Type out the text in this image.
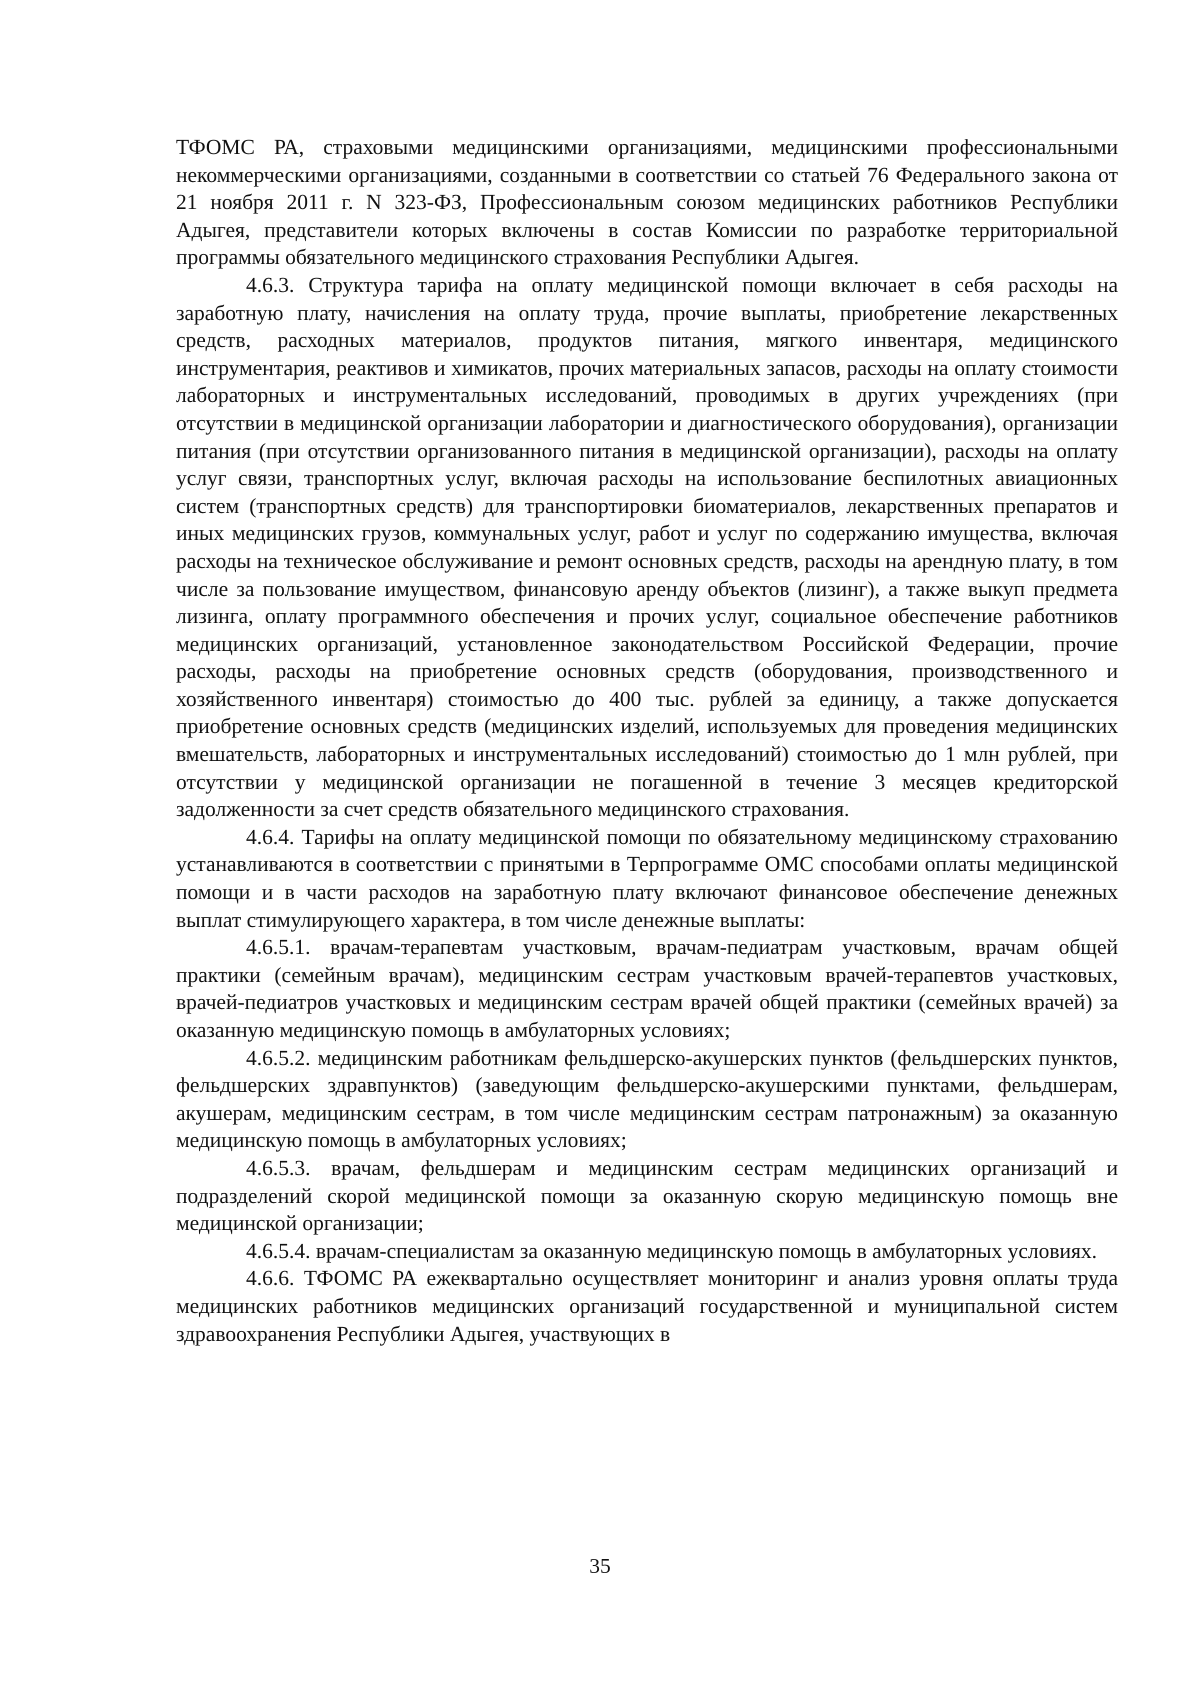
ТФОМС РА, страховыми медицинскими организациями, медицинскими профессиональными некоммерческими организациями, созданными в соответствии со статьей 76 Федерального закона от 21 ноября 2011 г. N 323-ФЗ, Профессиональным союзом медицинских работников Республики Адыгея, представители которых включены в состав Комиссии по разработке территориальной программы обязательного медицинского страхования Республики Адыгея.

4.6.3. Структура тарифа на оплату медицинской помощи включает в себя расходы на заработную плату, начисления на оплату труда, прочие выплаты, приобретение лекарственных средств, расходных материалов, продуктов питания, мягкого инвентаря, медицинского инструментария, реактивов и химикатов, прочих материальных запасов, расходы на оплату стоимости лабораторных и инструментальных исследований, проводимых в других учреждениях (при отсутствии в медицинской организации лаборатории и диагностического оборудования), организации питания (при отсутствии организованного питания в медицинской организации), расходы на оплату услуг связи, транспортных услуг, включая расходы на использование беспилотных авиационных систем (транспортных средств) для транспортировки биоматериалов, лекарственных препаратов и иных медицинских грузов, коммунальных услуг, работ и услуг по содержанию имущества, включая расходы на техническое обслуживание и ремонт основных средств, расходы на арендную плату, в том числе за пользование имуществом, финансовую аренду объектов (лизинг), а также выкуп предмета лизинга, оплату программного обеспечения и прочих услуг, социальное обеспечение работников медицинских организаций, установленное законодательством Российской Федерации, прочие расходы, расходы на приобретение основных средств (оборудования, производственного и хозяйственного инвентаря) стоимостью до 400 тыс. рублей за единицу, а также допускается приобретение основных средств (медицинских изделий, используемых для проведения медицинских вмешательств, лабораторных и инструментальных исследований) стоимостью до 1 млн рублей, при отсутствии у медицинской организации не погашенной в течение 3 месяцев кредиторской задолженности за счет средств обязательного медицинского страхования.

4.6.4. Тарифы на оплату медицинской помощи по обязательному медицинскому страхованию устанавливаются в соответствии с принятыми в Терпрограмме ОМС способами оплаты медицинской помощи и в части расходов на заработную плату включают финансовое обеспечение денежных выплат стимулирующего характера, в том числе денежные выплаты:

4.6.5.1. врачам-терапевтам участковым, врачам-педиатрам участковым, врачам общей практики (семейным врачам), медицинским сестрам участковым врачей-терапевтов участковых, врачей-педиатров участковых и медицинским сестрам врачей общей практики (семейных врачей) за оказанную медицинскую помощь в амбулаторных условиях;

4.6.5.2. медицинским работникам фельдшерско-акушерских пунктов (фельдшерских пунктов, фельдшерских здравпунктов) (заведующим фельдшерско-акушерскими пунктами, фельдшерам, акушерам, медицинским сестрам, в том числе медицинским сестрам патронажным) за оказанную медицинскую помощь в амбулаторных условиях;

4.6.5.3. врачам, фельдшерам и медицинским сестрам медицинских организаций и подразделений скорой медицинской помощи за оказанную скорую медицинскую помощь вне медицинской организации;

4.6.5.4. врачам-специалистам за оказанную медицинскую помощь в амбулаторных условиях.

4.6.6. ТФОМС РА ежеквартально осуществляет мониторинг и анализ уровня оплаты труда медицинских работников медицинских организаций государственной и муниципальной систем здравоохранения Республики Адыгея, участвующих в

35
